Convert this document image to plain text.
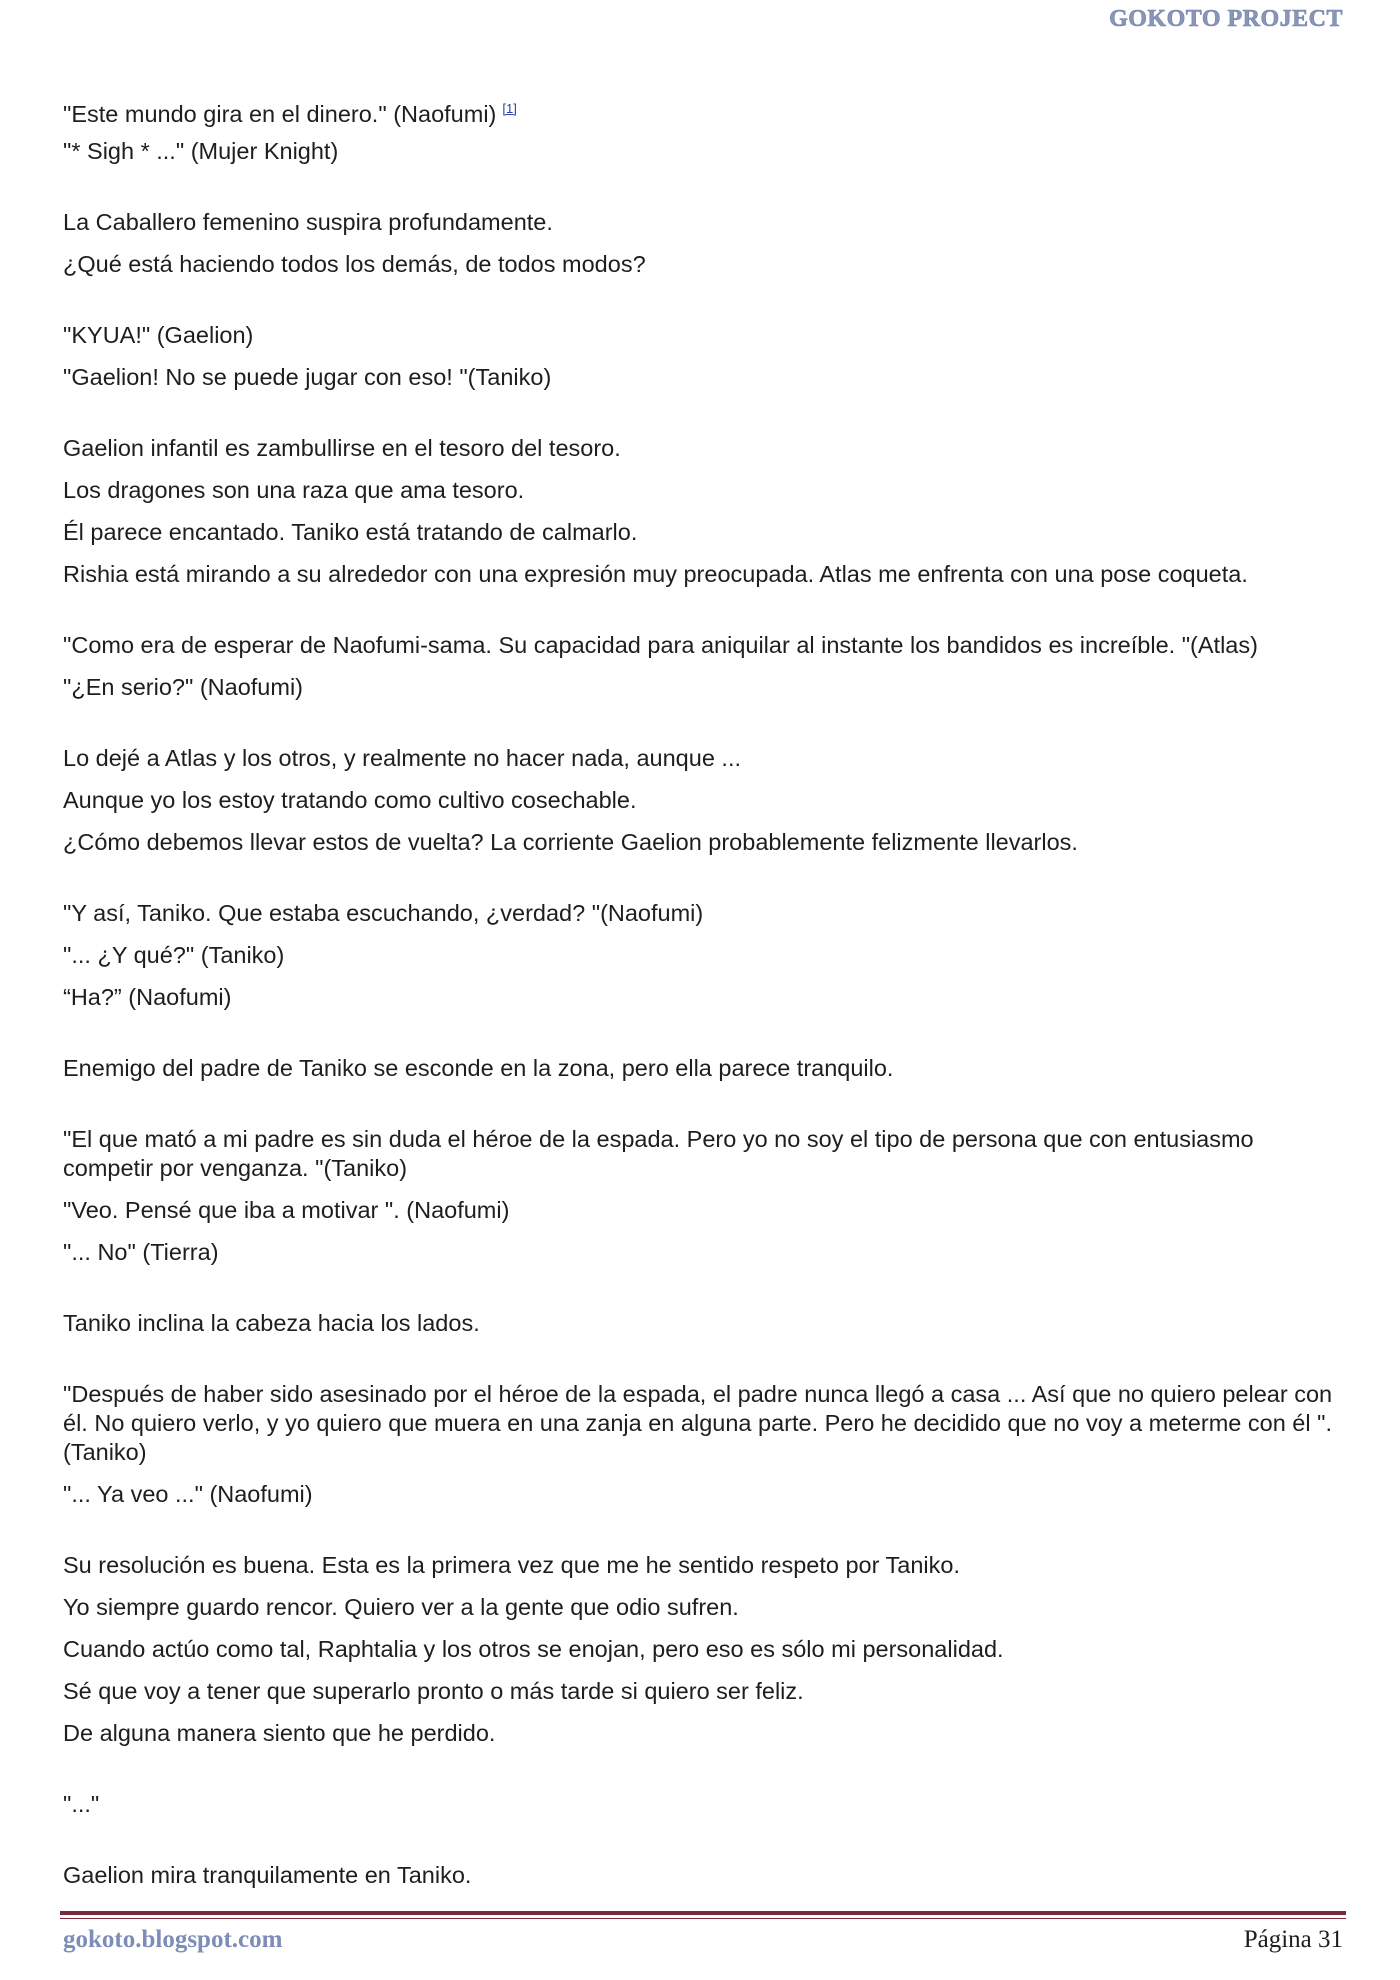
GOKOTO PROJECT
"Este mundo gira en el dinero." (Naofumi) [1]
"* Sigh * ..." (Mujer Knight)
La Caballero femenino suspira profundamente.
¿Qué está haciendo todos los demás, de todos modos?
"KYUA!" (Gaelion)
"Gaelion! No se puede jugar con eso! "(Taniko)
Gaelion infantil es zambullirse en el tesoro del tesoro.
Los dragones son una raza que ama tesoro.
Él parece encantado. Taniko está tratando de calmarlo.
Rishia está mirando a su alrededor con una expresión muy preocupada. Atlas me enfrenta con una pose coqueta.
"Como era de esperar de Naofumi-sama. Su capacidad para aniquilar al instante los bandidos es increíble. "(Atlas)
"¿En serio?" (Naofumi)
Lo dejé a Atlas y los otros, y realmente no hacer nada, aunque ...
Aunque yo los estoy tratando como cultivo cosechable.
¿Cómo debemos llevar estos de vuelta? La corriente Gaelion probablemente felizmente llevarlos.
"Y así, Taniko. Que estaba escuchando, ¿verdad? "(Naofumi)
"... ¿Y qué?" (Taniko)
“Ha?” (Naofumi)
Enemigo del padre de Taniko se esconde en la zona, pero ella parece tranquilo.
"El que mató a mi padre es sin duda el héroe de la espada. Pero yo no soy el tipo de persona que con entusiasmo competir por venganza. "(Taniko)
"Veo. Pensé que iba a motivar ". (Naofumi)
"... No" (Tierra)
Taniko inclina la cabeza hacia los lados.
"Después de haber sido asesinado por el héroe de la espada, el padre nunca llegó a casa ... Así que no quiero pelear con él. No quiero verlo, y yo quiero que muera en una zanja en alguna parte. Pero he decidido que no voy a meterme con él ". (Taniko)
"... Ya veo ..." (Naofumi)
Su resolución es buena. Esta es la primera vez que me he sentido respeto por Taniko.
Yo siempre guardo rencor. Quiero ver a la gente que odio sufren.
Cuando actúo como tal, Raphtalia y los otros se enojan, pero eso es sólo mi personalidad.
Sé que voy a tener que superarlo pronto o más tarde si quiero ser feliz.
De alguna manera siento que he perdido.
"..."
Gaelion mira tranquilamente en Taniko.
gokoto.blogspot.com	Página 31
